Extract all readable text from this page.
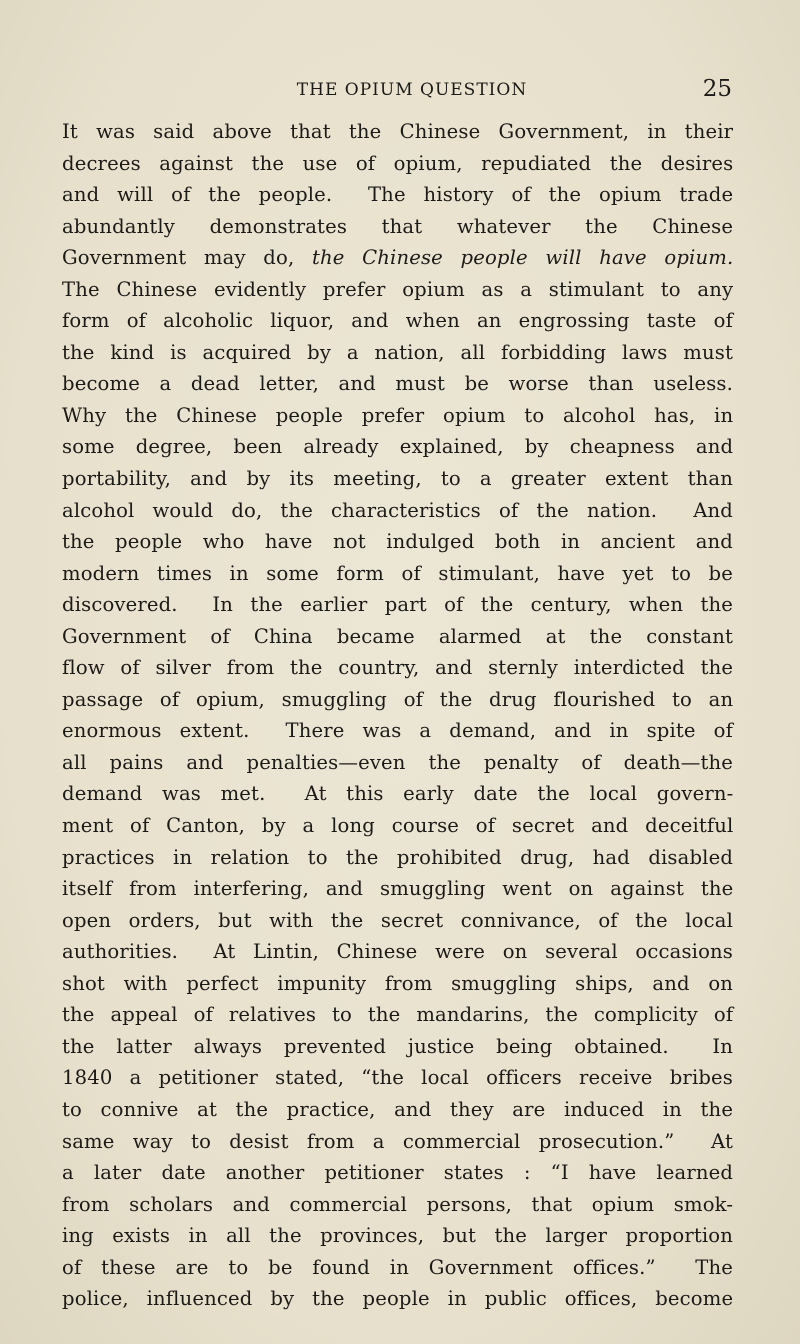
THE OPIUM QUESTION	25
It was said above that the Chinese Government, in their
decrees against the use of opium, repudiated the desires
and will of the people.  The history of the opium trade
abundantly demonstrates that whatever the Chinese
Government may do, the Chinese people will have opium.
The Chinese evidently prefer opium as a stimulant to any
form of alcoholic liquor, and when an engrossing taste of
the kind is acquired by a nation, all forbidding laws must
become a dead letter, and must be worse than useless.
Why the Chinese people prefer opium to alcohol has, in
some degree, been already explained, by cheapness and
portability, and by its meeting, to a greater extent than
alcohol would do, the characteristics of the nation.  And
the people who have not indulged both in ancient and
modern times in some form of stimulant, have yet to be
discovered.  In the earlier part of the century, when the
Government of China became alarmed at the constant
flow of silver from the country, and sternly interdicted the
passage of opium, smuggling of the drug flourished to an
enormous extent.  There was a demand, and in spite of
all pains and penalties—even the penalty of death—the
demand was met.  At this early date the local govern-
ment of Canton, by a long course of secret and deceitful
practices in relation to the prohibited drug, had disabled
itself from interfering, and smuggling went on against the
open orders, but with the secret connivance, of the local
authorities.  At Lintin, Chinese were on several occasions
shot with perfect impunity from smuggling ships, and on
the appeal of relatives to the mandarins, the complicity of
the latter always prevented justice being obtained.  In
1840 a petitioner stated, “the local officers receive bribes
to connive at the practice, and they are induced in the
same way to desist from a commercial prosecution.”  At
a later date another petitioner states : “I have learned
from scholars and commercial persons, that opium smok-
ing exists in all the provinces, but the larger proportion
of these are to be found in Government offices.”  The
police, influenced by the people in public offices, become
